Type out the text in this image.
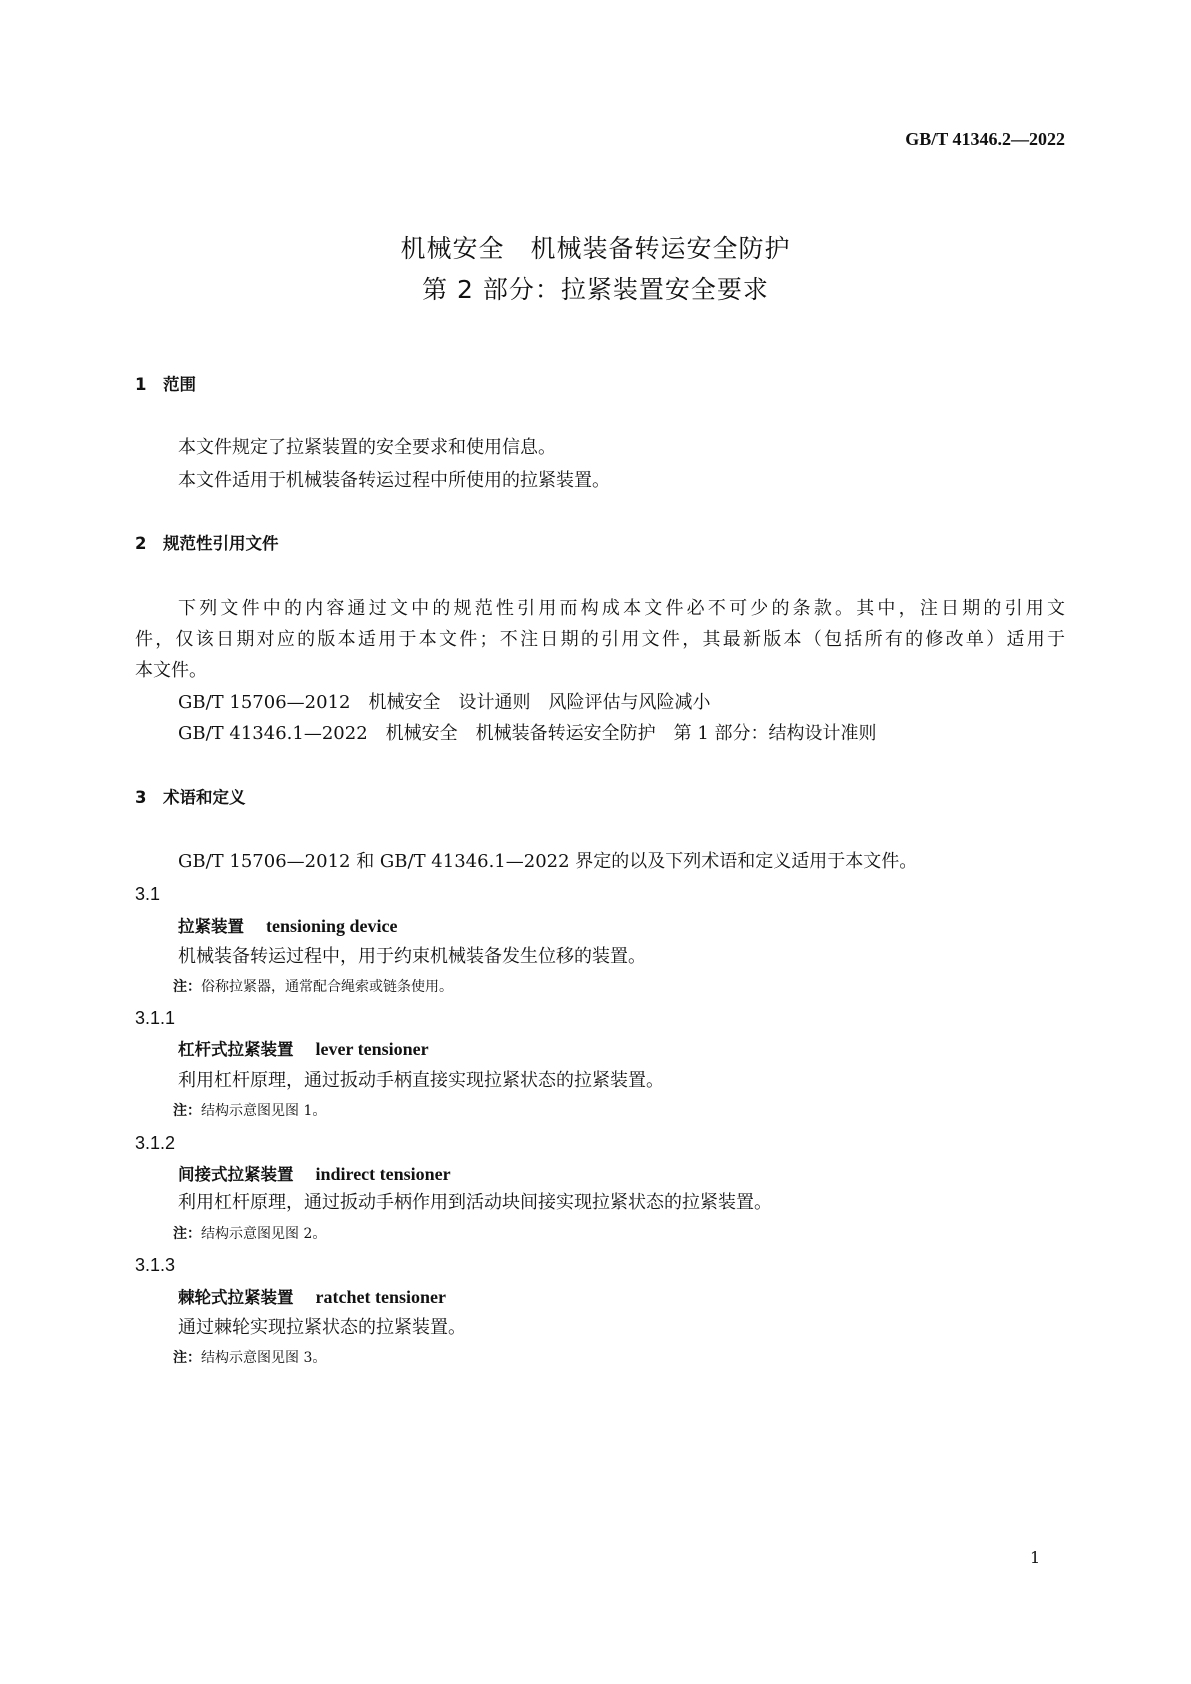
GB/T 41346.2—2022
机械安全　机械装备转运安全防护
第 2 部分：拉紧装置安全要求
1　范围
本文件规定了拉紧装置的安全要求和使用信息。
本文件适用于机械装备转运过程中所使用的拉紧装置。
2　规范性引用文件
下列文件中的内容通过文中的规范性引用而构成本文件必不可少的条款。其中，注日期的引用文
件，仅该日期对应的版本适用于本文件；不注日期的引用文件，其最新版本（包括所有的修改单）适用于
本文件。
GB/T 15706—2012　机械安全　设计通则　风险评估与风险减小
GB/T 41346.1—2022　机械安全　机械装备转运安全防护　第 1 部分：结构设计准则
3　术语和定义
GB/T 15706—2012 和 GB/T 41346.1—2022 界定的以及下列术语和定义适用于本文件。
3.1
拉紧装置 tensioning device
机械装备转运过程中，用于约束机械装备发生位移的装置。
注：俗称拉紧器，通常配合绳索或链条使用。
3.1.1
杠杆式拉紧装置 lever tensioner
利用杠杆原理，通过扳动手柄直接实现拉紧状态的拉紧装置。
注：结构示意图见图 1。
3.1.2
间接式拉紧装置 indirect tensioner
利用杠杆原理，通过扳动手柄作用到活动块间接实现拉紧状态的拉紧装置。
注：结构示意图见图 2。
3.1.3
棘轮式拉紧装置 ratchet tensioner
通过棘轮实现拉紧状态的拉紧装置。
注：结构示意图见图 3。
1
